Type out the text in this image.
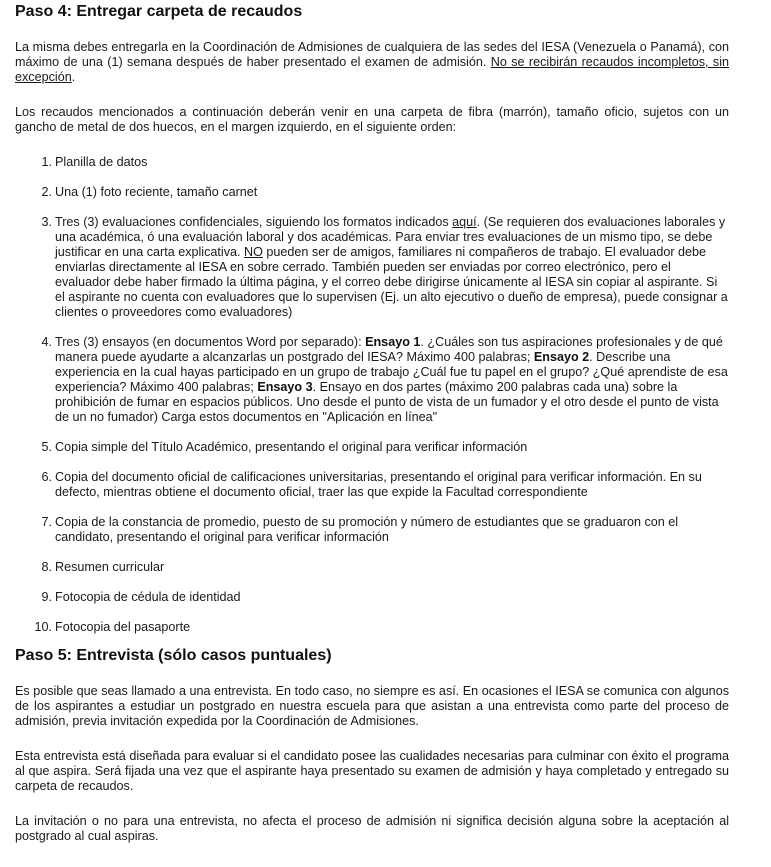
Paso 4: Entregar carpeta de recaudos

La misma debes entregarla en la Coordinación de Admisiones de cualquiera de las sedes del IESA (Venezuela o Panamá), con máximo de una (1) semana después de haber presentado el examen de admisión. No se recibirán recaudos incompletos, sin excepción.

Los recaudos mencionados a continuación deberán venir en una carpeta de fibra (marrón), tamaño oficio, sujetos con un gancho de metal de dos huecos, en el margen izquierdo, en el siguiente orden:

1. Planilla de datos
2. Una (1) foto reciente, tamaño carnet
3. Tres (3) evaluaciones confidenciales, siguiendo los formatos indicados aquí. (Se requieren dos evaluaciones laborales y una académica, ó una evaluación laboral y dos académicas. Para enviar tres evaluaciones de un mismo tipo, se debe justificar en una carta explicativa. NO pueden ser de amigos, familiares ni compañeros de trabajo. El evaluador debe enviarlas directamente al IESA en sobre cerrado. También pueden ser enviadas por correo electrónico, pero el evaluador debe haber firmado la última página, y el correo debe dirigirse únicamente al IESA sin copiar al aspirante. Si el aspirante no cuenta con evaluadores que lo supervisen (Ej. un alto ejecutivo o dueño de empresa), puede consignar a clientes o proveedores como evaluadores)
4. Tres (3) ensayos (en documentos Word por separado): Ensayo 1. ¿Cuáles son tus aspiraciones profesionales y de qué manera puede ayudarte a alcanzarlas un postgrado del IESA? Máximo 400 palabras; Ensayo 2. Describe una experiencia en la cual hayas participado en un grupo de trabajo ¿Cuál fue tu papel en el grupo? ¿Qué aprendiste de esa experiencia? Máximo 400 palabras; Ensayo 3. Ensayo en dos partes (máximo 200 palabras cada una) sobre la prohibición de fumar en espacios públicos. Uno desde el punto de vista de un fumador y el otro desde el punto de vista de un no fumador) Carga estos documentos en "Aplicación en línea"
5. Copia simple del Título Académico, presentando el original para verificar información
6. Copia del documento oficial de calificaciones universitarias, presentando el original para verificar información. En su defecto, mientras obtiene el documento oficial, traer las que expide la Facultad correspondiente
7. Copia de la constancia de promedio, puesto de su promoción y número de estudiantes que se graduaron con el candidato, presentando el original para verificar información
8. Resumen curricular
9. Fotocopia de cédula de identidad
10. Fotocopia del pasaporte
Paso 5: Entrevista (sólo casos puntuales)

Es posible que seas llamado a una entrevista. En todo caso, no siempre es así. En ocasiones el IESA se comunica con algunos de los aspirantes a estudiar un postgrado en nuestra escuela para que asistan a una entrevista como parte del proceso de admisión, previa invitación expedida por la Coordinación de Admisiones.

Esta entrevista está diseñada para evaluar si el candidato posee las cualidades necesarias para culminar con éxito el programa al que aspira. Será fijada una vez que el aspirante haya presentado su examen de admisión y haya completado y entregado su carpeta de recaudos.

La invitación o no para una entrevista, no afecta el proceso de admisión ni significa decisión alguna sobre la aceptación al postgrado al cual aspiras.
